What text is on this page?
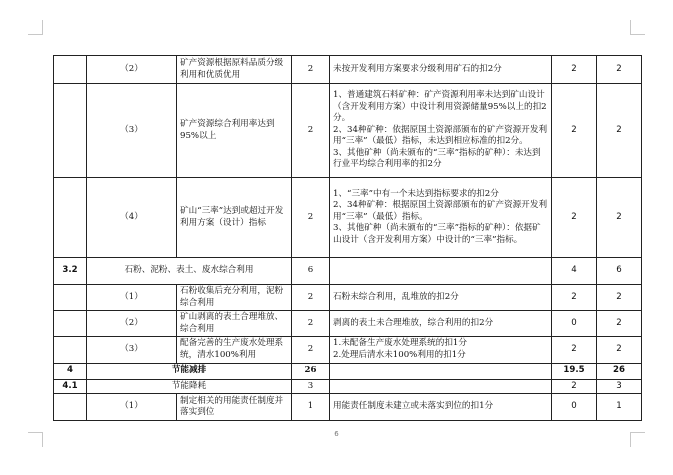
	（2）	矿产资源根据原料品质分级利用和优质优用	2	未按开发利用方案要求分级利用矿石的扣2分	2	2
	（3）	矿产资源综合利用率达到95%以上	2	1、普通建筑石料矿种：矿产资源利用率未达到矿山设计（含开发利用方案）中设计利用资源储量95%以上的扣2分。
2、34种矿种：依据原国土资源部颁布的矿产资源开发利用“三率”（最低）指标，未达到相应标准的扣2分。
3、其他矿种（尚未颁布的“三率”指标的矿种）：未达到行业平均综合利用率的扣2分	2	2
	（4）	矿山“三率”达到或超过开发利用方案（设计）指标	2	1、“三率”中有一个未达到指标要求的扣2分
2、34种矿种：根据原国土资源部颁布的矿产资源开发利用“三率”（最低）指标。
3、其他矿种（尚未颁布的“三率”指标的矿种）：依据矿山设计（含开发利用方案）中设计的“三率”指标。	2	2
3.2	石粉、泥粉、表土、废水综合利用		6		4	6
	（1）	石粉收集后充分利用，泥粉综合利用	2	石粉未综合利用，乱堆放的扣2分	2	2
	（2）	矿山剥离的表土合理堆放、综合利用	2	剥离的表土未合理堆放，综合利用的扣2分	0	2
	（3）	配备完善的生产废水处理系统，清水100%利用	2	1.未配备生产废水处理系统的扣1分
2.处理后清水未100%利用的扣1分	2	2
4	节能减排		26		19.5	26
4.1	节能降耗		3		2	3
	（1）	制定相关的用能责任制度并落实到位	1	用能责任制度未建立或未落实到位的扣1分	0	1
6
